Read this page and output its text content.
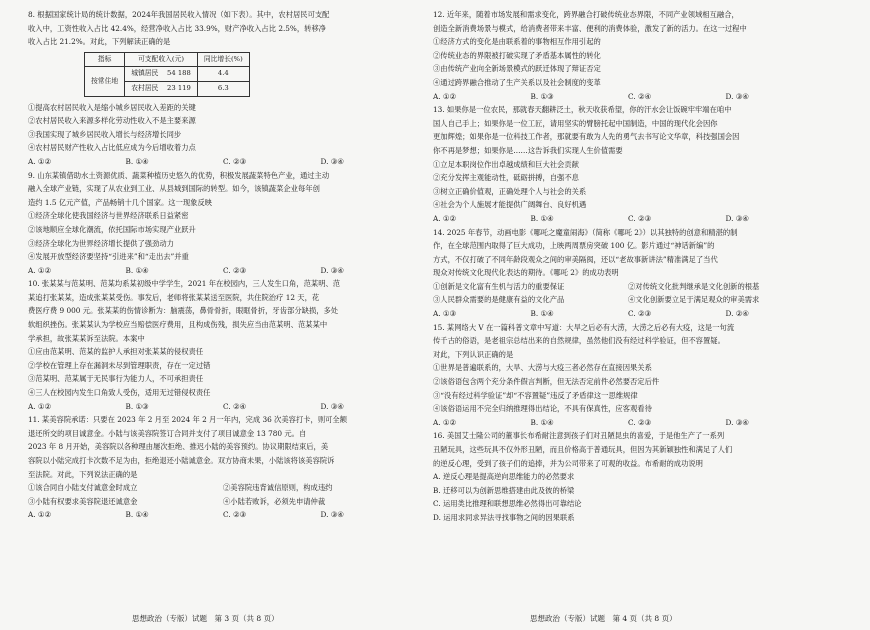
8. 根据国家统计局的统计数据，2024年我国居民收入情况（如下表）。其中，农村居民可支配
收入中，工资性收入占比 42.4%，经营净收入占比 33.9%，财产净收入占比 2.5%，转移净
收入占比 21.2%。对此，下列解读正确的是
指标	可支配收入(元)	同比增长(%)
按常住地	城镇居民 54 188	4.4
	农村居民 23 119	6.3
①提高农村居民收入是缩小城乡居民收入差距的关键
②农村居民收入来源多样化劳动性收入不是主要来源
③我国实现了城乡居民收入增长与经济增长同步
④农村居民财产性收入占比低应成为今后增收着力点
A. ①②	B. ①④	C. ②③	D. ③④
9. 山东某镇借助水土资源优质、蔬菜种植历史悠久的优势，积极发展蔬菜特色产业，通过主动
融入全球产业链，实现了从农业到工业、从县城到国际的转型。如今，该镇蔬菜企业每年创
造约 1.5 亿元产值，产品畅销十几个国家。这一现象反映
①经济全球化使我国经济与世界经济联系日益紧密
②该地顺应全球化潮流，依托国际市场实现产业跃升
③经济全球化为世界经济增长提供了强劲动力
④发展开放型经济要坚持“引进来”和“走出去”并重
A. ①②	B. ①④	C. ②③	D. ③④
10. 张某某与范某明、范某均系某初级中学学生，2021 年在校园内，三人发生口角，范某明、范
某追打张某某，造成张某某受伤。事发后，老师将张某某送至医院，共住院治疗 12 天，花
费医疗费 9 000 元。张某某的伤情诊断为：脑震荡，鼻骨骨折，眼眶骨折，牙齿部分缺损，多处
软组织挫伤。张某某认为学校应当赔偿医疗费用，且构成伤残，损失应当由范某明、范某某中
学承担，故张某某诉至法院。本案中
①应由范某明、范某的监护人承担对张某某的侵权责任
②学校在管理上存在漏洞未尽到管理职责，存在一定过错
③范某明、范某属于无民事行为能力人，不可承担责任
④三人在校园内发生口角致人受伤，适用无过错侵权责任
A. ①②	B. ①③	C. ②④	D. ③④
11. 某美容院承诺：只要在 2023 年 2 月至 2024 年 2 月一年内，完成 36 次美容打卡，则可全额
退还所交的项目诚意金。小陆与该美容院签订合同并支付了项目诚意金 13 780 元。自
2023 年 8 月开始，美容院以各种理由屡次拒绝、推迟小陆的美容预约。协议期限结束后，美
容院以小陆完成打卡次数不足为由，拒绝退还小陆诚意金。双方协商未果，小陆该将该美容院诉
至法院。对此，下列说法正确的是
①该合同自小陆支付诚意金时成立	②美容院违背诚信原则，构成违约
③小陆有权要求美容院退还诚意金	④小陆若败诉，必须先申请仲裁
A. ①②	B. ①④	C. ②③	D. ③④
12. 近年来，随着市场发展和需求变化，跨界融合打破传统业态界限，不同产业领域相互融合，
创造全新消费场景与模式，给消费者带来丰富、便利的消费体验，激发了新的活力。在这一过程中
①经济方式的变化是由联系着的事物相互作用引起的
②传统业态的界限被打破实现了矛盾基本属性的转化
③由传统产业向全新场景模式的跃迁体现了辩证否定
④通过跨界融合推动了生产关系以及社会制度的变革
A. ①②	B. ①③	C. ②④	D. ③④
13. 如果你是一位农民，那就春天翻耕泛土，秋天收获希望，你的汗水会让饭碗牢牢端在咱中
国人自己手上；如果你是一位工匠，请用坚实的臂膀托起中国制造，中国的现代化会因你
更加辉煌；如果你是一位科技工作者，那就要有敢为人先的勇气去书写论文华章，科技强国会因
你不再是梦想；如果你是……这告诉我们实现人生价值需要
①立足本职岗位作出卓越成绩和巨大社会贡献
②充分发挥主观能动性，砥砺拼搏，自强不息
③树立正确价值观，正确处理个人与社会的关系
④社会为个人施展才能提供广阔舞台、良好机遇
A. ①②	B. ①④	C. ②③	D. ③④
14. 2025 年春节，动画电影《哪吒之魔童闹海》（简称《哪吒 2》）以其独特的创意和精湛的制
作，在全球范围内取得了巨大成功，上映两周票房突破 100 亿。影片通过“神话新编”的
方式，不仅打破了不同年龄段观众之间的审美隔阂，还以“老故事新讲法”精准满足了当代
现众对传统文化现代化表达的期待。《哪吒 2》的成功表明
①创新是文化富有生机与活力的重要保证	②对传统文化批判继承是文化创新的根基
③人民群众需要的是健康有益的文化产品	④文化创新要立足于满足观众的审美需求
A. ①③	B. ①④	C. ②③	D. ②④
15. 某网络大 V 在一篇科普文章中写道：大旱之后必有大涝，大涝之后必有大疫，这是一句流
传千古的俗语，是老祖宗总结出来的自然规律，虽然他们没有经过科学验证，但不容置疑。
对此，下列认识正确的是
①世界是普遍联系的，大旱、大涝与大疫三者必然存在直接因果关系
②该俗语包含两个充分条件假言判断，但无法否定前件必然要否定后件
③“没有经过科学验证”却“不容置疑”违反了矛盾律这一思维规律
④该俗语运用不完全归纳推理得出结论，不具有保真性，应客观看待
A. ①②	B. ①④	C. ②③	D. ③④
16. 美国艾士隆公司的董事长布希耐注意到孩子们对丑陋昆虫的喜爱，于是他生产了一系列
丑陋玩具，这些玩具不仅外形丑陋，而且价格高于普通玩具，但因为其新颖独性和满足了人们
的逆反心理，受到了孩子们的追捧，并为公司带来了可观的收益。布希耐的成功说明
A. 逆反心理是提高逆向思维能力的必然要求
B. 迁移可以为创新思维搭建由此及彼的桥梁
C. 运用类比推理和联想思维必然得出可靠结论
D. 运用求同求异法寻找事物之间的因果联系
思想政治（专版）试题　第 3 页（共 8 页）	思想政治（专版）试题　第 4 页（共 8 页）
